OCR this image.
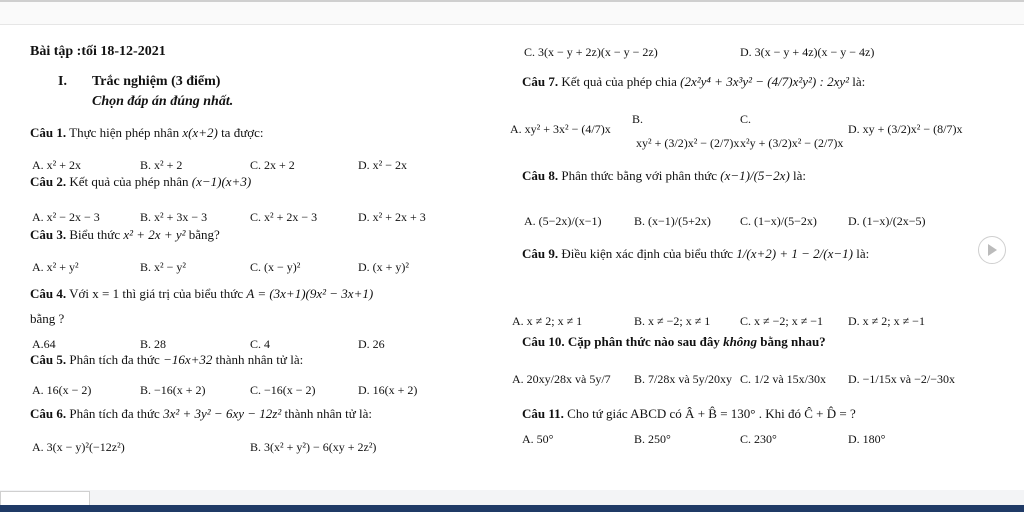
Bài tập :tối 18-12-2021
I. Trắc nghiệm (3 điểm)
Chọn đáp án đúng nhất.
Câu 1. Thực hiện phép nhân x(x+2) ta được:
A. x² + 2x	B. x² + 2	C. 2x + 2	D. x² − 2x
Câu 2. Kết quả của phép nhân (x−1)(x+3)
A. x² − 2x − 3	B. x² + 3x − 3	C. x² + 2x − 3	D. x² + 2x + 3
Câu 3. Biểu thức x² + 2x + y² bằng?
A. x² + y²	B. x² − y²	C. (x − y)²	D. (x + y)²
Câu 4. Với x = 1 thì giá trị của biểu thức A = (3x+1)(9x² − 3x+1)
bằng ?
A.64	B. 28	C. 4	D. 26
Câu 5. Phân tích đa thức −16x+32 thành nhân tử là:
A. 16(x − 2)	B. −16(x + 2)	C. −16(x − 2)	D. 16(x + 2)
Câu 6. Phân tích đa thức 3x² + 3y² − 6xy − 12z² thành nhân tử là:
A. 3(x − y)²(−12z²)	B. 3(x² + y²) − 6(xy + 2z²)
C. 3(x − y + 2z)(x − y − 2z)	D. 3(x − y + 4z)(x − y − 4z)
Câu 7. Kết quả của phép chia (2x²y⁴ + 3x³y² − (4/7)x²y²) : 2xy² là:
A. xy² + 3x² − (4/7)x
B.
xy² + (3/2)x² − (2/7)x
C.
x²y + (3/2)x² − (2/7)x
D. xy + (3/2)x² − (8/7)x
Câu 8. Phân thức bằng với phân thức (x−1)/(5−2x) là:
A. (5−2x)/(x−1)	B. (x−1)/(5+2x) C. (1−x)/(5−2x)	D. (1−x)/(2x−5)
Câu 9. Điều kiện xác định của biểu thức 1/(x+2) + 1 − 2/(x−1) là:
A. x ≠ 2; x ≠ 1	B. x ≠ −2; x ≠ 1 C. x ≠ −2; x ≠ −1 D. x ≠ 2; x ≠ −1
Câu 10. Cặp phân thức nào sau đây không bằng nhau?
A. 20xy/28x và 5y/7 B. 7/28x và 5y/20xy C. 1/2 và 15x/30x D. −1/15x và −2/−30x
Câu 11. Cho tứ giác ABCD có Â + B̂ = 130° . Khi đó Ĉ + D̂ = ?
A. 50°	B. 250°	C. 230°	D. 180°
